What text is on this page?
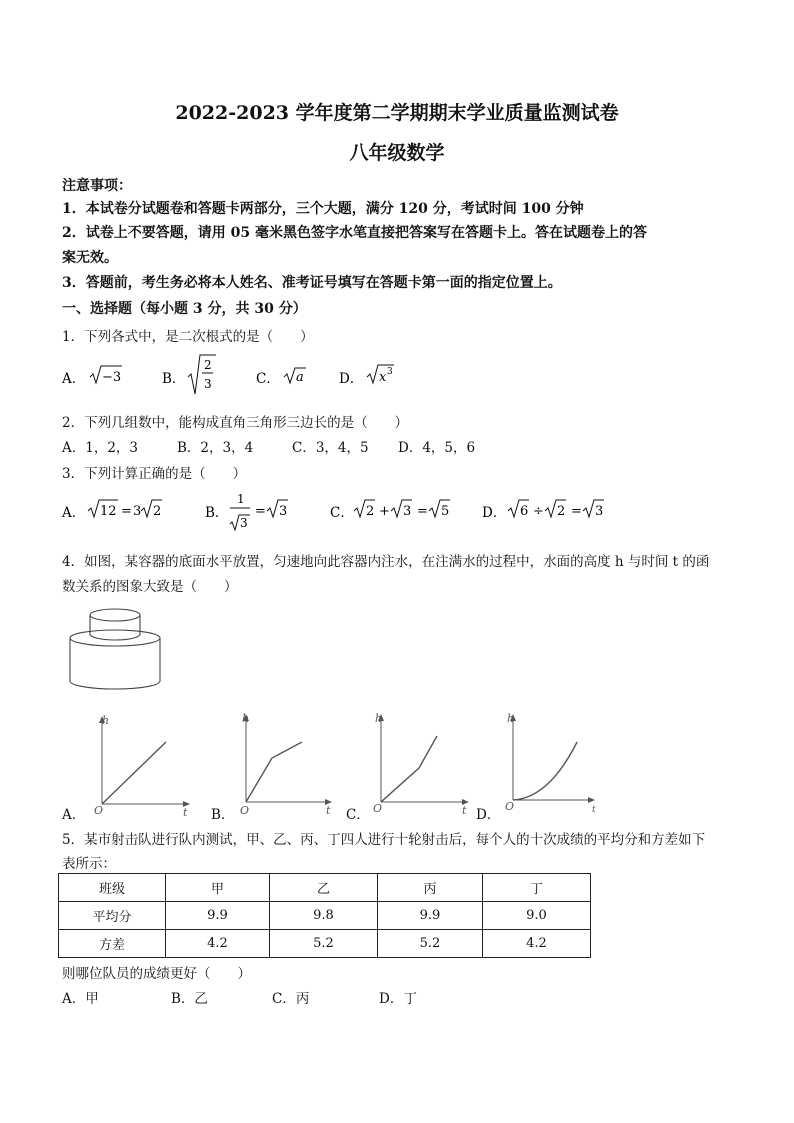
2022-2023 学年度第二学期期末学业质量监测试卷
八年级数学
注意事项：
1．本试卷分试题卷和答题卡两部分，三个大题，满分 120 分，考试时间 100 分钟
2．试卷上不要答题，请用 05 毫米黑色签字水笔直接把答案写在答题卡上。答在试题卷上的答
案无效。
3．答题前，考生务必将本人姓名、准考证号填写在答题卡第一面的指定位置上。
一、选择题（每小题 3 分，共 30 分）
1．下列各式中，是二次根式的是（　　）
A． −3	B．
2
3	C． a	D． x 3
2．下列几组数中，能构成直角三角形三边长的是（　　）
A．1，2，3	B．2，3，4	C．3，4，5 D．4，5，6
3．下列计算正确的是（　　）
A． 12 = 3 2	B．
1
3
= 3	C． 2 + 3 = 5 D． 6 ÷ 2 = 3
4．如图，某容器的底面水平放置，匀速地向此容器内注水，在注满水的过程中，水面的高度 h 与时间 t 的函
数关系的图象大致是（　　）
A．
h
t
O	B．
h
t
O	C．
h
t
O	D．
h
t
O
5．某市射击队进行队内测试，甲、乙、丙、丁四人进行十轮射击后，每个人的十次成绩的平均分和方差如下
表所示：
班级	甲	乙	丙	丁
平均分	9.9	9.8	9.9	9.0
方差	4.2	5.2	5.2	4.2
则哪位队员的成绩更好（　　）
A．甲	B．乙	C．丙	D．丁
